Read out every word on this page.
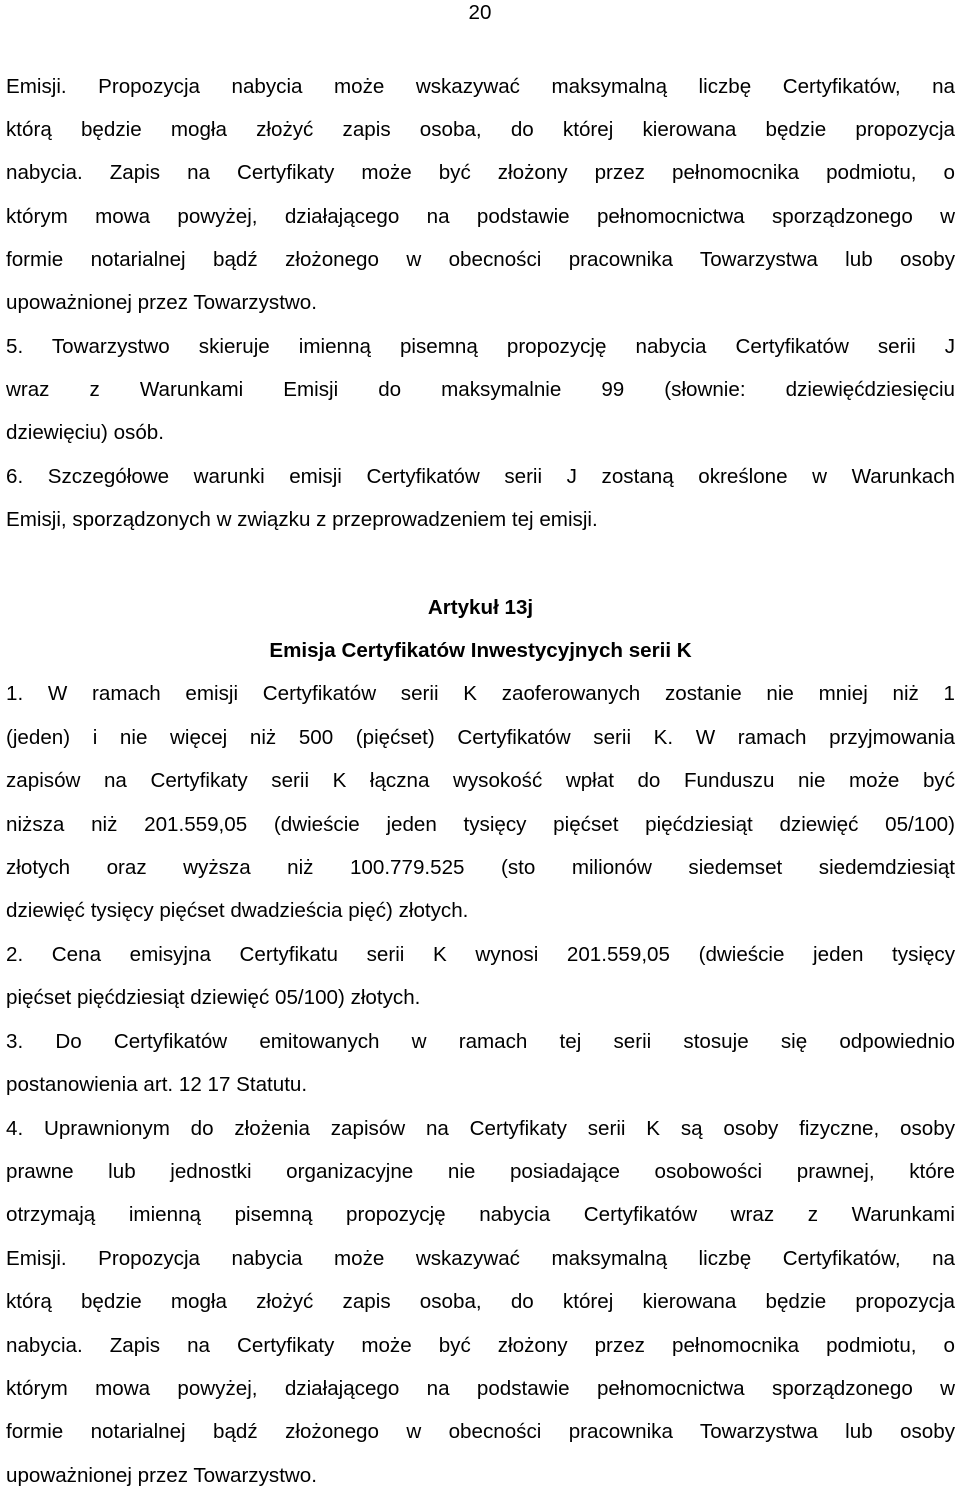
20
Emisji. Propozycja nabycia może wskazywać maksymalną liczbę Certyfikatów, na
którą będzie mogła złożyć zapis osoba, do której kierowana będzie propozycja
nabycia. Zapis na Certyfikaty może być złożony przez pełnomocnika podmiotu, o
którym mowa powyżej, działającego na podstawie pełnomocnictwa sporządzonego w
formie notarialnej bądź złożonego w obecności pracownika Towarzystwa lub osoby
upoważnionej przez Towarzystwo.
5. Towarzystwo skieruje imienną pisemną propozycję nabycia Certyfikatów serii J
wraz z Warunkami Emisji do maksymalnie 99 (słownie: dziewięćdziesięciu
dziewięciu) osób.
6. Szczegółowe warunki emisji Certyfikatów serii J zostaną określone w Warunkach
Emisji, sporządzonych w związku z przeprowadzeniem tej emisji.
Artykuł 13j
Emisja Certyfikatów Inwestycyjnych serii K
1. W ramach emisji Certyfikatów serii K zaoferowanych zostanie nie mniej niż 1
(jeden) i nie więcej niż 500 (pięćset) Certyfikatów serii K. W ramach przyjmowania
zapisów na Certyfikaty serii K łączna wysokość wpłat do Funduszu nie może być
niższa niż 201.559,05 (dwieście jeden tysięcy pięćset pięćdziesiąt dziewięć 05/100)
złotych oraz wyższa niż 100.779.525 (sto milionów siedemset siedemdziesiąt
dziewięć tysięcy pięćset dwadzieścia pięć) złotych.
2. Cena emisyjna Certyfikatu serii K wynosi 201.559,05 (dwieście jeden tysięcy
pięćset pięćdziesiąt dziewięć 05/100) złotych.
3. Do Certyfikatów emitowanych w ramach tej serii stosuje się odpowiednio
postanowienia art. 12 17 Statutu.
4. Uprawnionym do złożenia zapisów na Certyfikaty serii K są osoby fizyczne, osoby
prawne lub jednostki organizacyjne nie posiadające osobowości prawnej, które
otrzymają imienną pisemną propozycję nabycia Certyfikatów wraz z Warunkami
Emisji. Propozycja nabycia może wskazywać maksymalną liczbę Certyfikatów, na
którą będzie mogła złożyć zapis osoba, do której kierowana będzie propozycja
nabycia. Zapis na Certyfikaty może być złożony przez pełnomocnika podmiotu, o
którym mowa powyżej, działającego na podstawie pełnomocnictwa sporządzonego w
formie notarialnej bądź złożonego w obecności pracownika Towarzystwa lub osoby
upoważnionej przez Towarzystwo.
